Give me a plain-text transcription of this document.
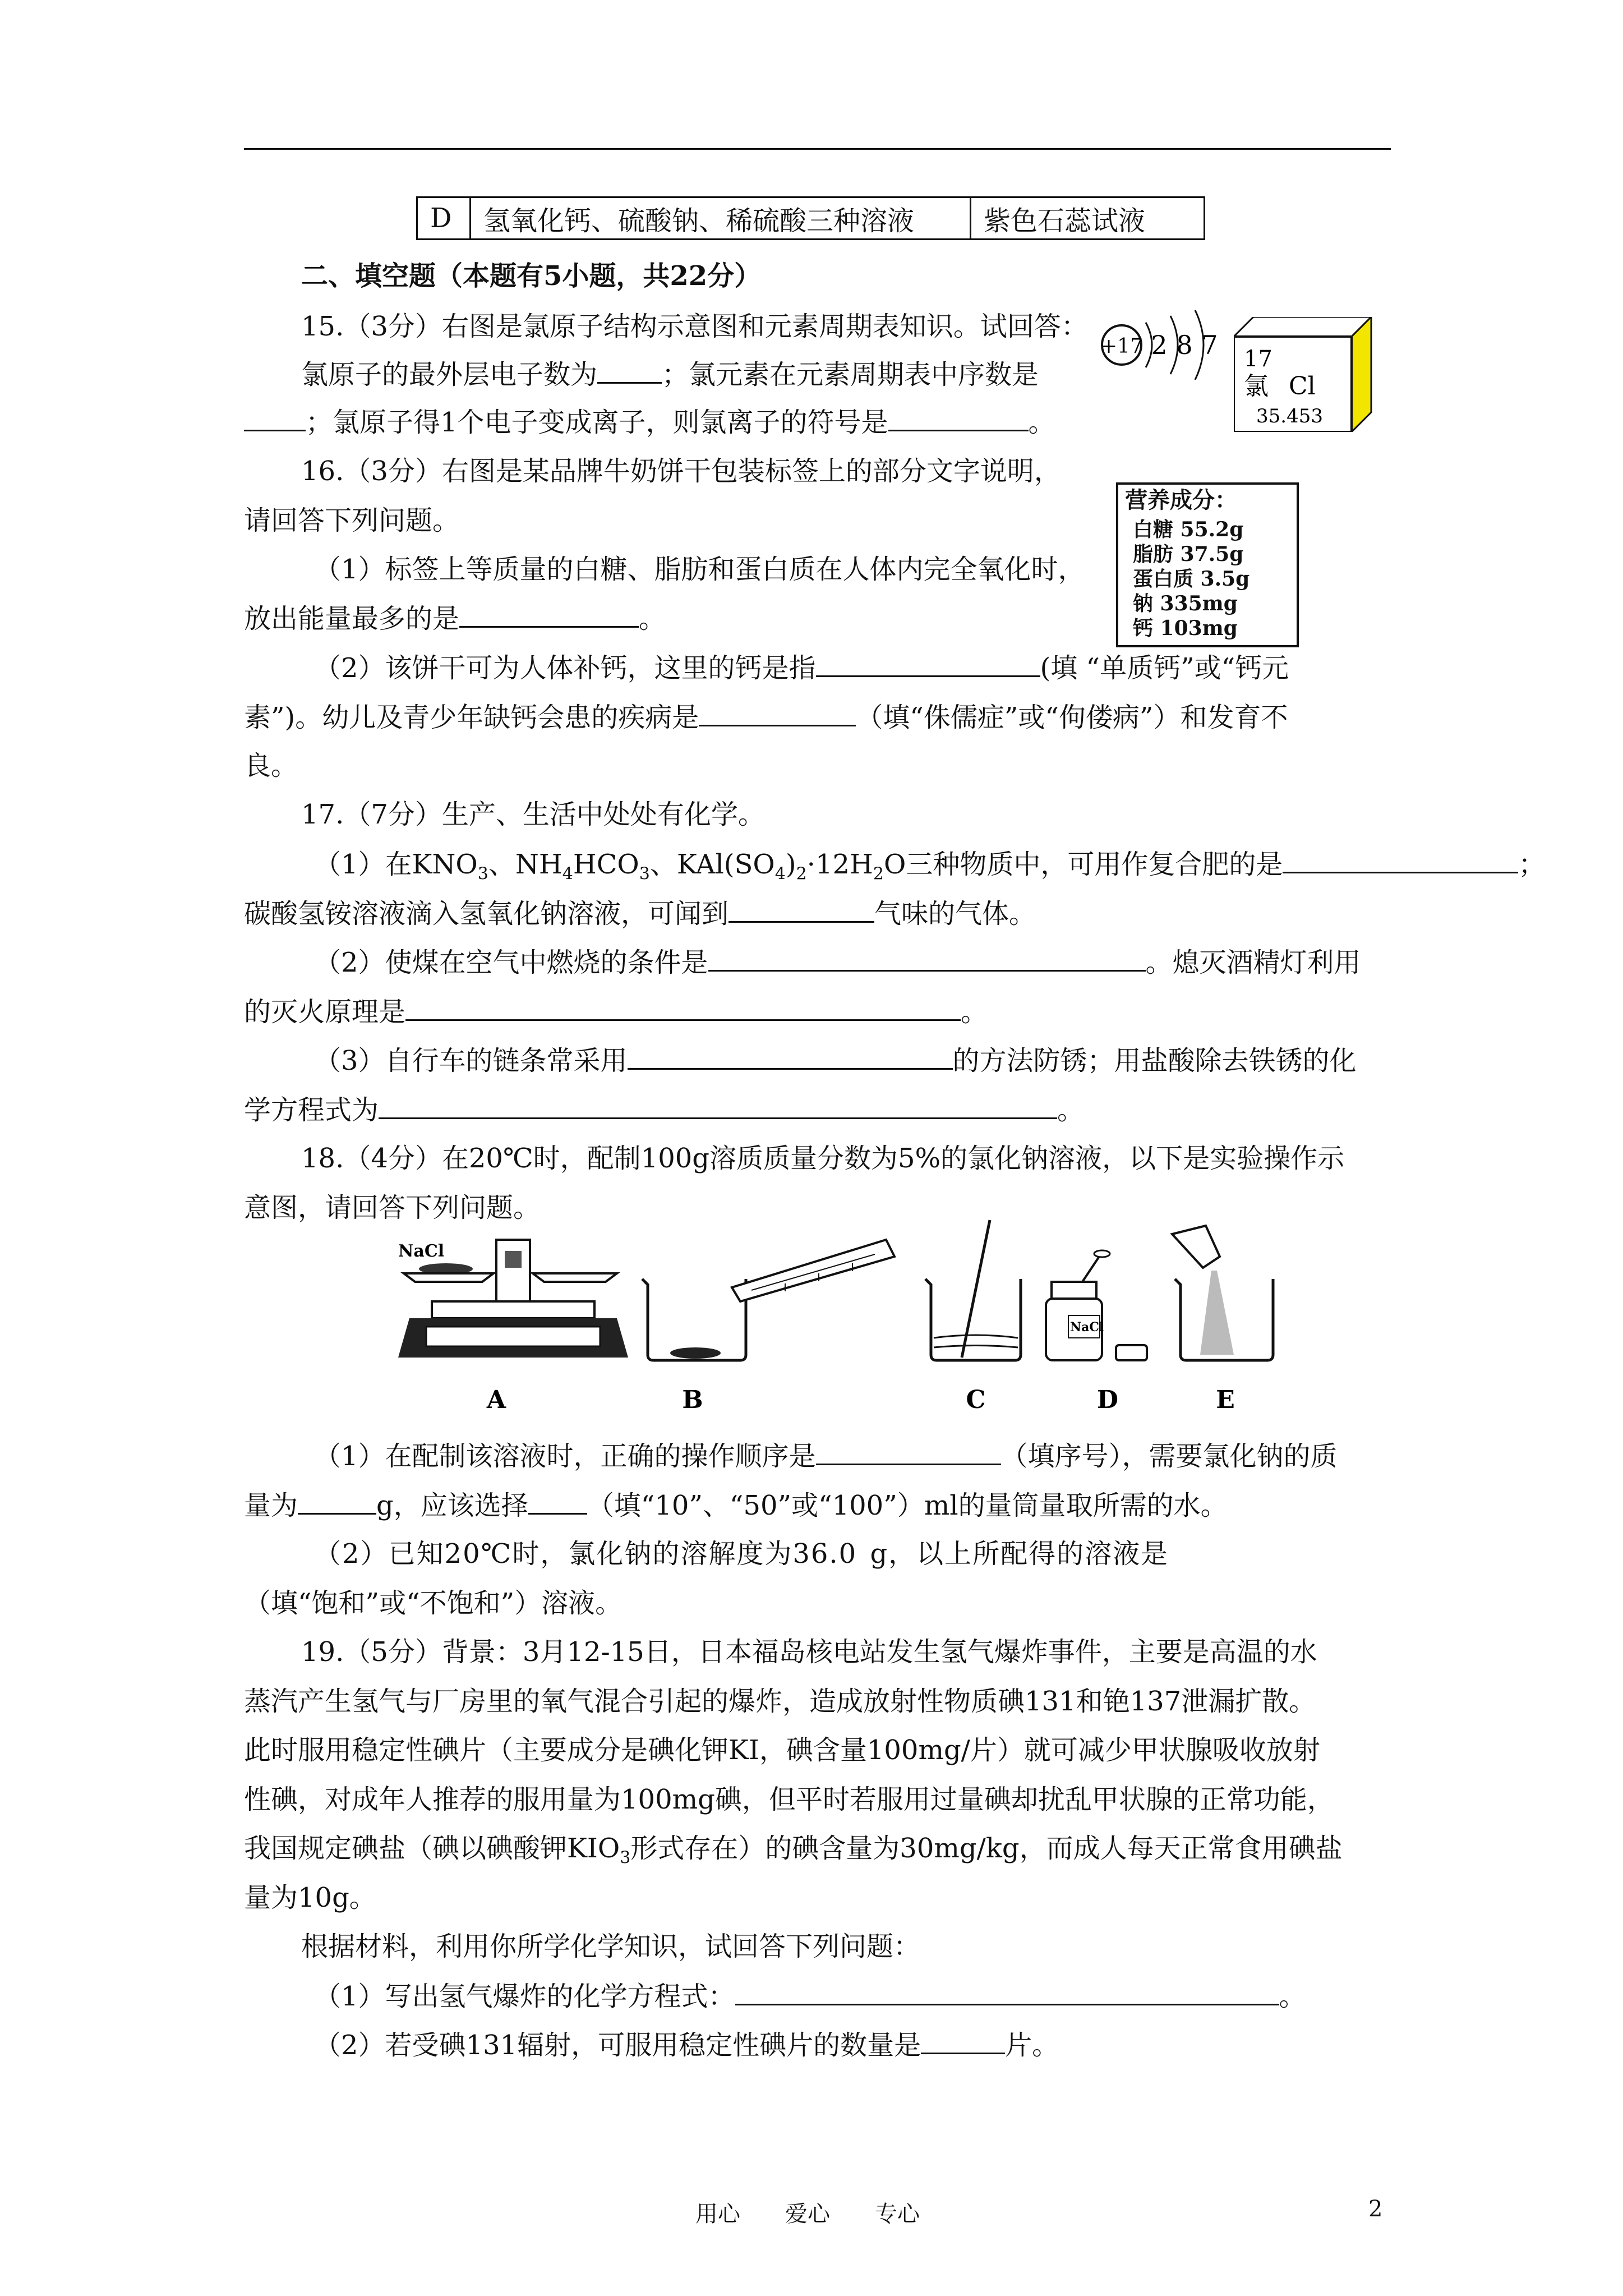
D	氢氧化钙、硫酸钠、稀硫酸三种溶液	紫色石蕊试液
二、填空题（本题有5小题，共22分）
15.（3分）右图是氯原子结构示意图和元素周期表知识。试回答：
氯原子的最外层电子数为 ；氯元素在元素周期表中序数是
；氯原子得1个电子变成离子，则氯离子的符号是	。
+17 2 8 7 17
氯 Cl
35.453
16.（3分）右图是某品牌牛奶饼干包装标签上的部分文字说明，
请回答下列问题。
（1）标签上等质量的白糖、脂肪和蛋白质在人体内完全氧化时，
放出能量最多的是	。
（2）该饼干可为人体补钙，这里的钙是指	(填 “单质钙”或“钙元
素”)。幼儿及青少年缺钙会患的疾病是	（填“侏儒症”或“佝偻病”）和发育不
良。
营养成分：
白糖 55.2g
脂肪 37.5g
蛋白质 3.5g
钠 335mg
钙 103mg
17.（7分）生产、生活中处处有化学。
（1）在$KNO_3$、$NH_4HCO_3$、$KAl(SO_4)_2\cdot 12H_2O$三种物质中，可用作复合肥的是	；
碳酸氢铵溶液滴入氢氧化钠溶液，可闻到	气味的气体。
（2）使煤在空气中燃烧的条件是	。熄灭酒精灯利用
的灭火原理是	。
（3）自行车的链条常采用	的方法防锈；用盐酸除去铁锈的化
学方程式为	。
18.（4分）在20℃时，配制100g溶质质量分数为5%的氯化钠溶液，以下是实验操作示
意图，请回答下列问题。
NaCl
NaCl
A	B	C	D	E
（1）在配制该溶液时，正确的操作顺序是	（填序号），需要氯化钠的质
量为	g，应该选择 （填“10”、“50”或“100”）ml的量筒量取所需的水。
（2）已知20℃时，氯化钠的溶解度为36.0 g，以上所配得的溶液是
（填“饱和”或“不饱和”）溶液。
19.（5分）背景：3月12-15日，日本福岛核电站发生氢气爆炸事件，主要是高温的水
蒸汽产生氢气与厂房里的氧气混合引起的爆炸，造成放射性物质碘131和铯137泄漏扩散。
此时服用稳定性碘片（主要成分是碘化钾KI，碘含量100mg/片）就可减少甲状腺吸收放射
性碘，对成年人推荐的服用量为100mg碘，但平时若服用过量碘却扰乱甲状腺的正常功能，
我国规定碘盐（碘以碘酸钾$KIO_3$形式存在）的碘含量为30mg/kg，而成人每天正常食用碘盐
量为10g。
根据材料，利用你所学化学知识，试回答下列问题：
（1）写出氢气爆炸的化学方程式：	。
（2）若受碘131辐射，可服用稳定性碘片的数量是	片。
用心　　爱心　　专心	2
